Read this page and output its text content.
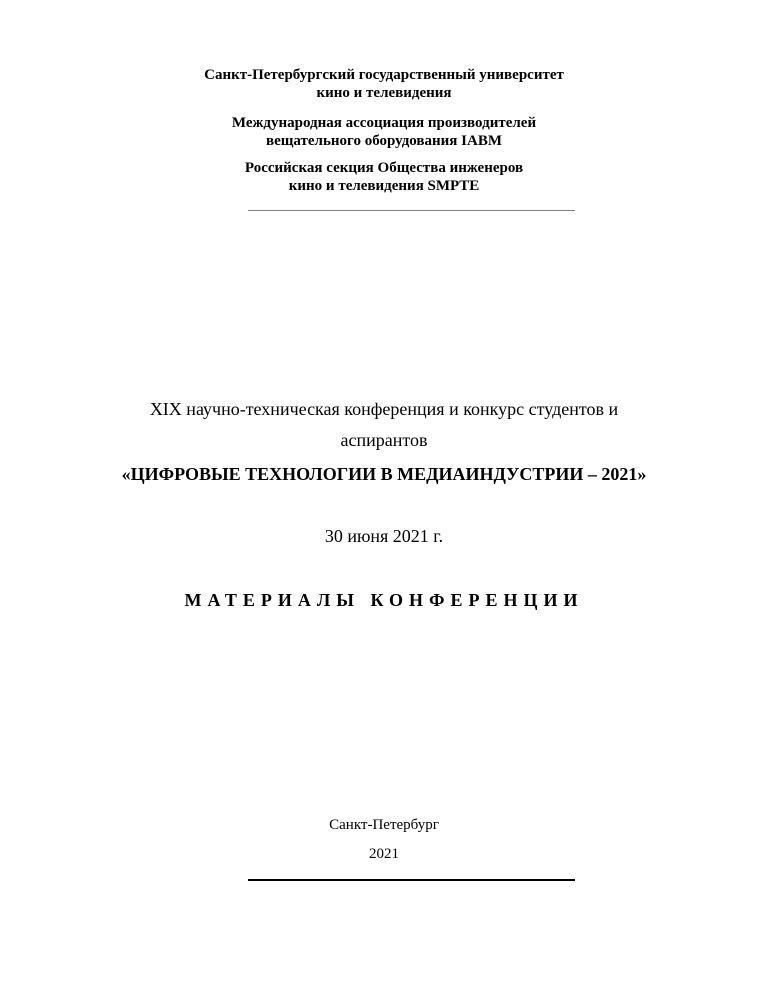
Санкт-Петербургский государственный университет
кино и телевидения
Международная ассоциация производителей
вещательного оборудования IABM
Российская секция Общества инженеров
кино и телевидения SMPTE
XIX научно-техническая конференция и конкурс студентов и
аспирантов
«ЦИФРОВЫЕ ТЕХНОЛОГИИ В МЕДИАИНДУСТРИИ – 2021»
30 июня 2021 г.
МАТЕРИАЛЫ КОНФЕРЕНЦИИ
Санкт-Петербург
2021
